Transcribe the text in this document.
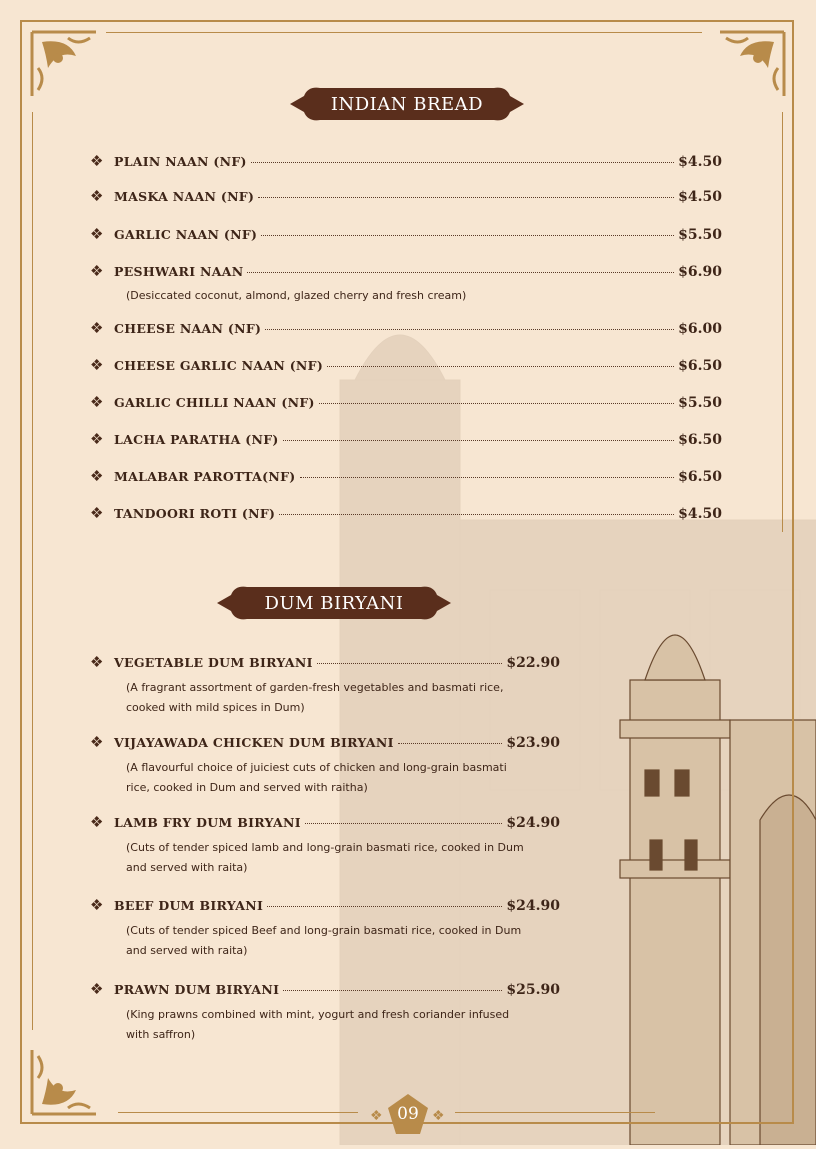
INDIAN BREAD
❖ PLAIN NAAN (NF)	$4.50
❖ MASKA NAAN (NF)	$4.50
❖ GARLIC NAAN (NF)	$5.50
❖ PESHWARI NAAN	$6.90
(Desiccated coconut, almond, glazed cherry and fresh cream)
❖ CHEESE NAAN (NF)	$6.00
❖ CHEESE GARLIC NAAN (NF)	$6.50
❖ GARLIC CHILLI NAAN (NF)	$5.50
❖ LACHA PARATHA (NF)	$6.50
❖ MALABAR PAROTTA(NF)	$6.50
❖ TANDOORI ROTI (NF)	$4.50
DUM BIRYANI
❖ VEGETABLE DUM BIRYANI	$22.90
(A fragrant assortment of garden-fresh vegetables and basmati rice,
cooked with mild spices in Dum)
❖ VIJAYAWADA CHICKEN DUM BIRYANI	$23.90
(A flavourful choice of juiciest cuts of chicken and long-grain basmati
rice, cooked in Dum and served with raitha)
❖ LAMB FRY DUM BIRYANI	$24.90
(Cuts of tender spiced lamb and long-grain basmati rice, cooked in Dum
and served with raita)
❖ BEEF DUM BIRYANI	$24.90
(Cuts of tender spiced Beef and long-grain basmati rice, cooked in Dum
and served with raita)
❖ PRAWN DUM BIRYANI	$25.90
(King prawns combined with mint, yogurt and fresh coriander infused
with saffron)
❖	❖
09
